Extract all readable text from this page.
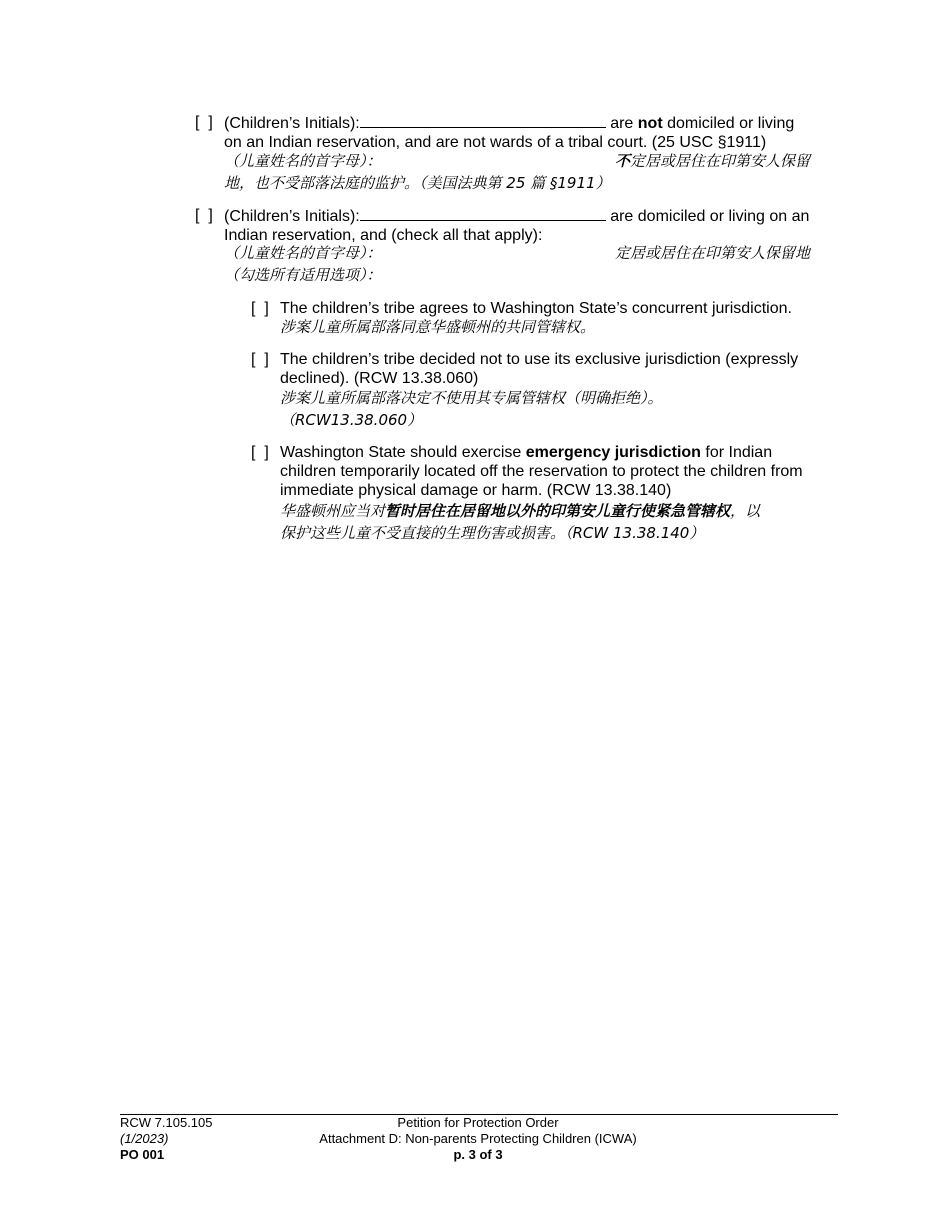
[  ] (Children’s Initials):	are not domiciled or living
on an Indian reservation, and are not wards of a tribal court. (25 USC §1911)
（儿童姓名的首字母）：	不定居或居住在印第安人保留
地，也不受部落法庭的监护。（美国法典第 25 篇 §1911）
[  ] (Children’s Initials):	are domiciled or living on an
Indian reservation, and (check all that apply):
（儿童姓名的首字母）：	定居或居住在印第安人保留地
（勾选所有适用选项）：
[  ] The children’s tribe agrees to Washington State’s concurrent jurisdiction.
涉案儿童所属部落同意华盛顿州的共同管辖权。
[  ] The children’s tribe decided not to use its exclusive jurisdiction (expressly
declined). (RCW 13.38.060)
涉案儿童所属部落决定不使用其专属管辖权（明确拒绝）。
（RCW13.38.060）
[  ] Washington State should exercise emergency jurisdiction for Indian
children temporarily located off the reservation to protect the children from
immediate physical damage or harm. (RCW 13.38.140)
华盛顿州应当对暂时居住在居留地以外的印第安儿童行使紧急管辖权，以
保护这些儿童不受直接的生理伤害或损害。（RCW 13.38.140）
RCW 7.105.105
(1/2023)
PO 001
Petition for Protection Order
Attachment D: Non-parents Protecting Children (ICWA)
p. 3 of 3
